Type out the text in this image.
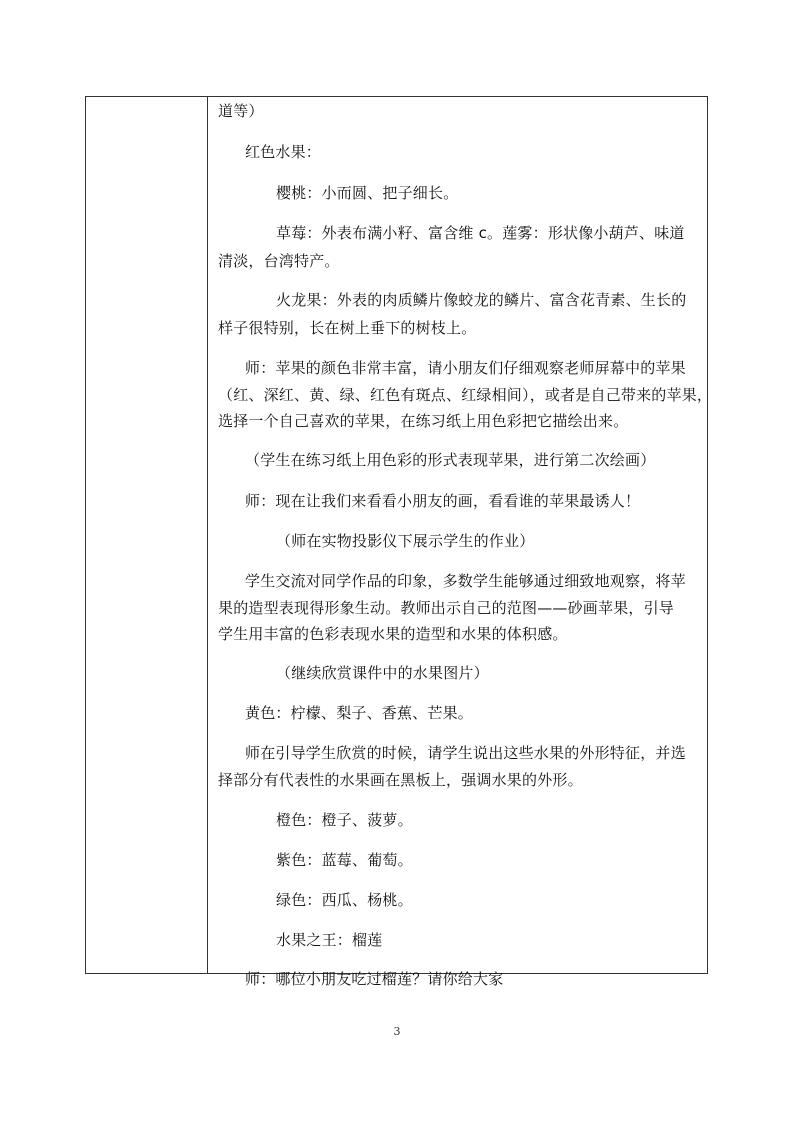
道等）
红色水果：
樱桃：小而圆、把子细长。
草莓：外表布满小籽、富含维 c。莲雾：形状像小葫芦、味道
清淡，台湾特产。
火龙果：外表的肉质鳞片像蛟龙的鳞片、富含花青素、生长的
样子很特别，长在树上垂下的树枝上。
师：苹果的颜色非常丰富，请小朋友们仔细观察老师屏幕中的苹果
（红、深红、黄、绿、红色有斑点、红绿相间），或者是自己带来的苹果，
选择一个自己喜欢的苹果，在练习纸上用色彩把它描绘出来。
（学生在练习纸上用色彩的形式表现苹果，进行第二次绘画）
师：现在让我们来看看小朋友的画，看看谁的苹果最诱人！
（师在实物投影仪下展示学生的作业）
学生交流对同学作品的印象，多数学生能够通过细致地观察，将苹
果的造型表现得形象生动。教师出示自己的范图——砂画苹果，引导
学生用丰富的色彩表现水果的造型和水果的体积感。
（继续欣赏课件中的水果图片）
黄色：柠檬、梨子、香蕉、芒果。
师在引导学生欣赏的时候，请学生说出这些水果的外形特征，并选
择部分有代表性的水果画在黑板上，强调水果的外形。
橙色：橙子、菠萝。
紫色：蓝莓、葡萄。
绿色：西瓜、杨桃。
水果之王：榴莲
师：哪位小朋友吃过榴莲？请你给大家
3
